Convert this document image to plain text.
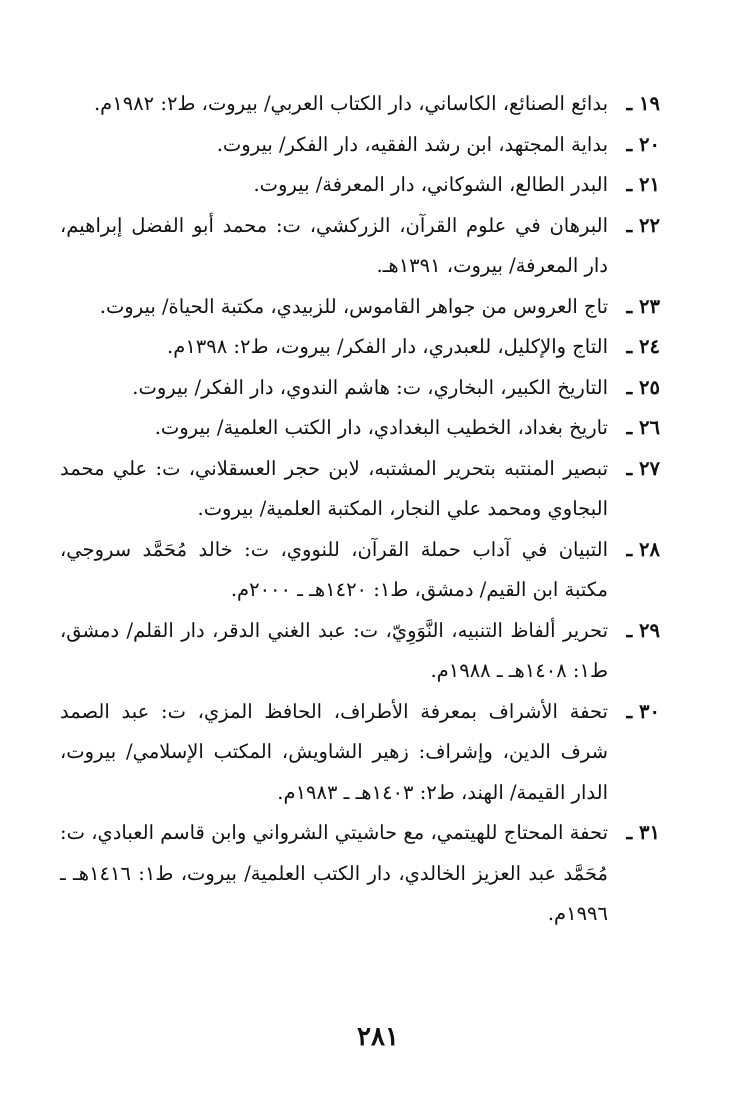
١٩ ـ
بدائع الصنائع، الكاساني، دار الكتاب العربي/ بيروت، ط٢: ١٩٨٢م.
٢٠ ـ
بداية المجتهد، ابن رشد الفقيه، دار الفكر/ بيروت.
٢١ ـ
البدر الطالع، الشوكاني، دار المعرفة/ بيروت.
٢٢ ـ
البرهان في علوم القرآن، الزركشي، ت: محمد أبو الفضل إبراهيم، دار المعرفة/ بيروت، ١٣٩١هـ.
٢٣ ـ
تاج العروس من جواهر القاموس، للزبيدي، مكتبة الحياة/ بيروت.
٢٤ ـ
التاج والإكليل، للعبدري، دار الفكر/ بيروت، ط٢: ١٣٩٨م.
٢٥ ـ
التاريخ الكبير، البخاري، ت: هاشم الندوي، دار الفكر/ بيروت.
٢٦ ـ
تاريخ بغداد، الخطيب البغدادي، دار الكتب العلمية/ بيروت.
٢٧ ـ
تبصير المنتبه بتحرير المشتبه، لابن حجر العسقلاني، ت: علي محمد البجاوي ومحمد علي النجار، المكتبة العلمية/ بيروت.
٢٨ ـ
التبيان في آداب حملة القرآن، للنووي، ت: خالد مُحَمَّد سروجي، مكتبة ابن القيم/ دمشق، ط١: ١٤٢٠هـ ـ ٢٠٠٠م.
٢٩ ـ
تحرير ألفاظ التنبيه، النَّوَوِيّ، ت: عبد الغني الدقر، دار القلم/ دمشق، ط١: ١٤٠٨هـ ـ ١٩٨٨م.
٣٠ ـ
تحفة الأشراف بمعرفة الأطراف، الحافظ المزي، ت: عبد الصمد شرف الدين، وإشراف: زهير الشاويش، المكتب الإسلامي/ بيروت، الدار القيمة/ الهند، ط٢: ١٤٠٣هـ ـ ١٩٨٣م.
٣١ ـ
تحفة المحتاج للهيتمي، مع حاشيتي الشرواني وابن قاسم العبادي، ت: مُحَمَّد عبد العزيز الخالدي، دار الكتب العلمية/ بيروت، ط١: ١٤١٦هـ ـ ١٩٩٦م.
٢٨١
